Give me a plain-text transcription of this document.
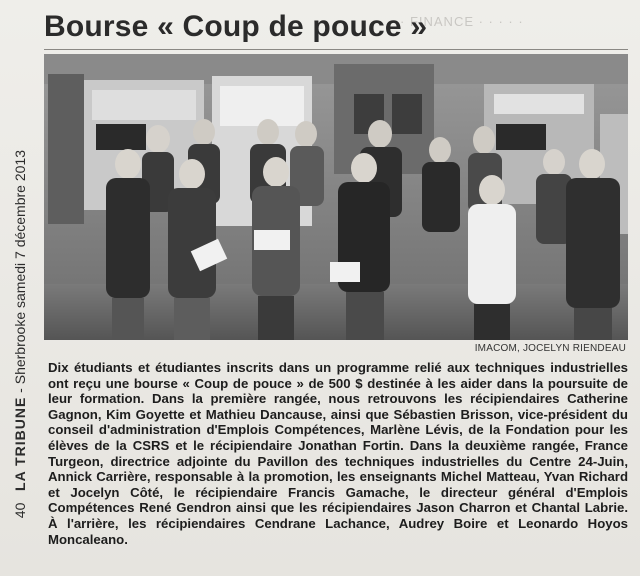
· FINANCE · · · · ·
Bourse « Coup de pouce »
40   LA TRIBUNE - Sherbrooke samedi 7 décembre 2013	IMACOM, JOCELYN RIENDEAU
Dix étudiants et étudiantes inscrits dans un programme relié aux techniques industrielles ont reçu une bourse « Coup de pouce » de 500 $ destinée à les aider dans la poursuite de leur formation. Dans la première rangée, nous retrouvons les récipiendaires Catherine Gagnon, Kim Goyette et Mathieu Dancause, ainsi que Sébastien Brisson, vice-président du conseil d'administration d'Emplois Compétences, Marlène Lévis, de la Fondation pour les élèves de la CSRS et le récipiendaire Jonathan Fortin. Dans la deuxième rangée, France Turgeon, directrice adjointe du Pavillon des techniques industrielles du Centre 24-Juin, Annick Carrière, responsable à la promotion, les enseignants Michel Matteau, Yvan Richard et Jocelyn Côté, le récipiendaire Francis Gamache, le directeur général d'Emplois Compétences René Gendron ainsi que les récipiendaires Jason Charron et Chantal Labrie. À l'arrière, les récipiendaires Cendrane Lachance, Audrey Boire et Leonardo Hoyos Moncaleano.
